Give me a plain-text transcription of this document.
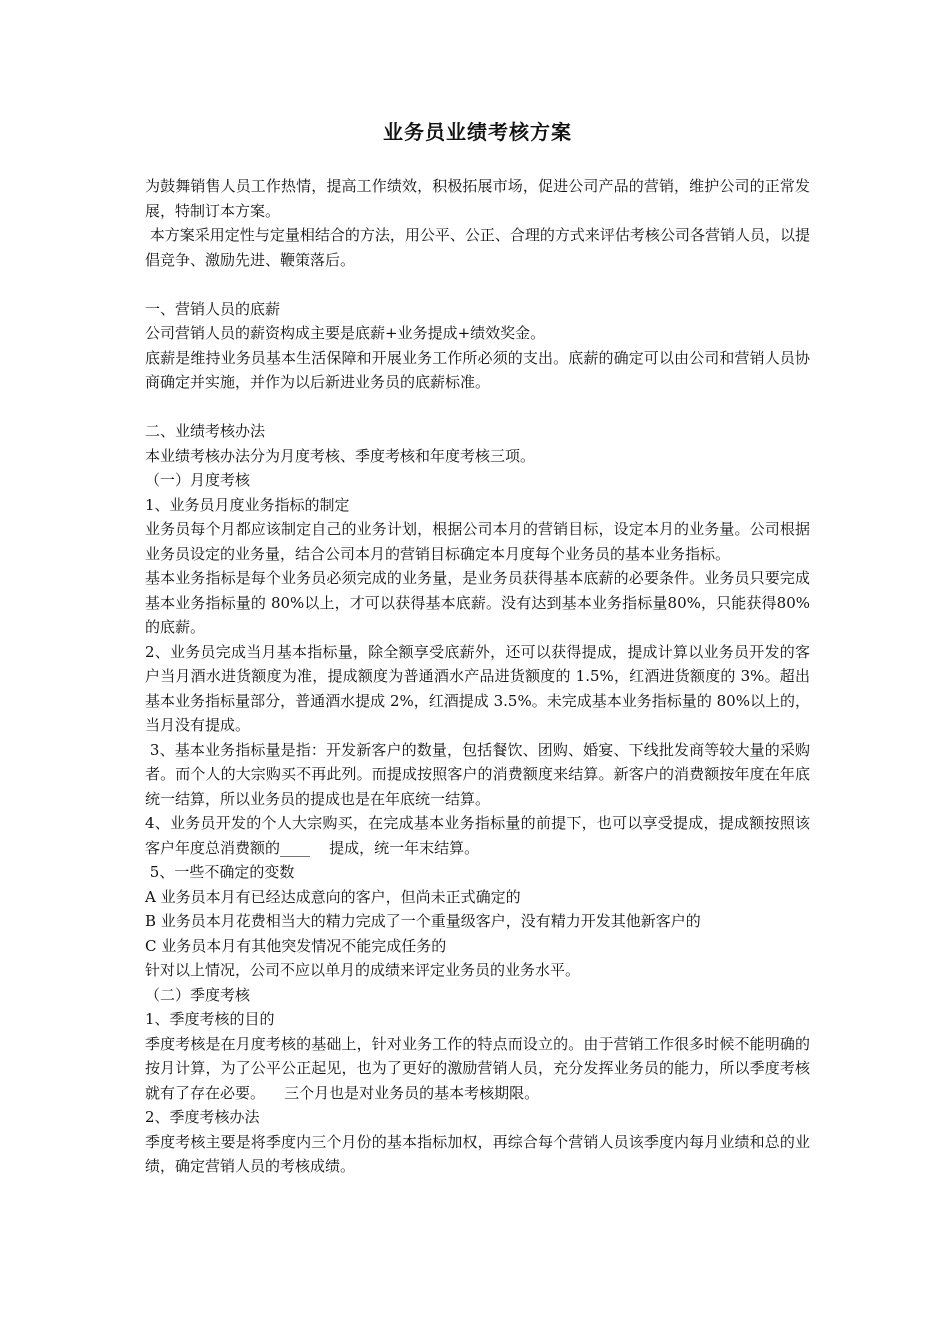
业务员业绩考核方案

为鼓舞销售人员工作热情，提高工作绩效，积极拓展市场，促进公司产品的营销，维护公司的正常发展，特制订本方案。

本方案采用定性与定量相结合的方法，用公平、公正、合理的方式来评估考核公司各营销人员，以提倡竞争、激励先进、鞭策落后。

一、营销人员的底薪

公司营销人员的薪资构成主要是底薪+业务提成+绩效奖金。

底薪是维持业务员基本生活保障和开展业务工作所必须的支出。底薪的确定可以由公司和营销人员协商确定并实施，并作为以后新进业务员的底薪标准。

二、业绩考核办法

本业绩考核办法分为月度考核、季度考核和年度考核三项。

（一）月度考核

1、业务员月度业务指标的制定

业务员每个月都应该制定自己的业务计划，根据公司本月的营销目标，设定本月的业务量。公司根据业务员设定的业务量，结合公司本月的营销目标确定本月度每个业务员的基本业务指标。

基本业务指标是每个业务员必须完成的业务量，是业务员获得基本底薪的必要条件。业务员只要完成基本业务指标量的 80%以上，才可以获得基本底薪。没有达到基本业务指标量80%，只能获得80%的底薪。

2、业务员完成当月基本指标量，除全额享受底薪外，还可以获得提成，提成计算以业务员开发的客户当月酒水进货额度为准，提成额度为普通酒水产品进货额度的 1.5%，红酒进货额度的 3%。超出基本业务指标量部分，普通酒水提成 2%，红酒提成 3.5%。未完成基本业务指标量的 80%以上的，当月没有提成。

3、基本业务指标量是指：开发新客户的数量，包括餐饮、团购、婚宴、下线批发商等较大量的采购者。而个人的大宗购买不再此列。而提成按照客户的消费额度来结算。新客户的消费额按年度在年底统一结算，所以业务员的提成也是在年底统一结算。

4、业务员开发的个人大宗购买，在完成基本业务指标量的前提下，也可以享受提成，提成额按照该客户年度总消费额的____    提成，统一年末结算。

5、一些不确定的变数

A 业务员本月有已经达成意向的客户，但尚未正式确定的

B 业务员本月花费相当大的精力完成了一个重量级客户，没有精力开发其他新客户的

C 业务员本月有其他突发情况不能完成任务的

针对以上情况，公司不应以单月的成绩来评定业务员的业务水平。

（二）季度考核

1、季度考核的目的

季度考核是在月度考核的基础上，针对业务工作的特点而设立的。由于营销工作很多时候不能明确的按月计算，为了公平公正起见，也为了更好的激励营销人员，充分发挥业务员的能力，所以季度考核就有了存在必要。    三个月也是对业务员的基本考核期限。

2、季度考核办法

季度考核主要是将季度内三个月份的基本指标加权，再综合每个营销人员该季度内每月业绩和总的业绩，确定营销人员的考核成绩。
